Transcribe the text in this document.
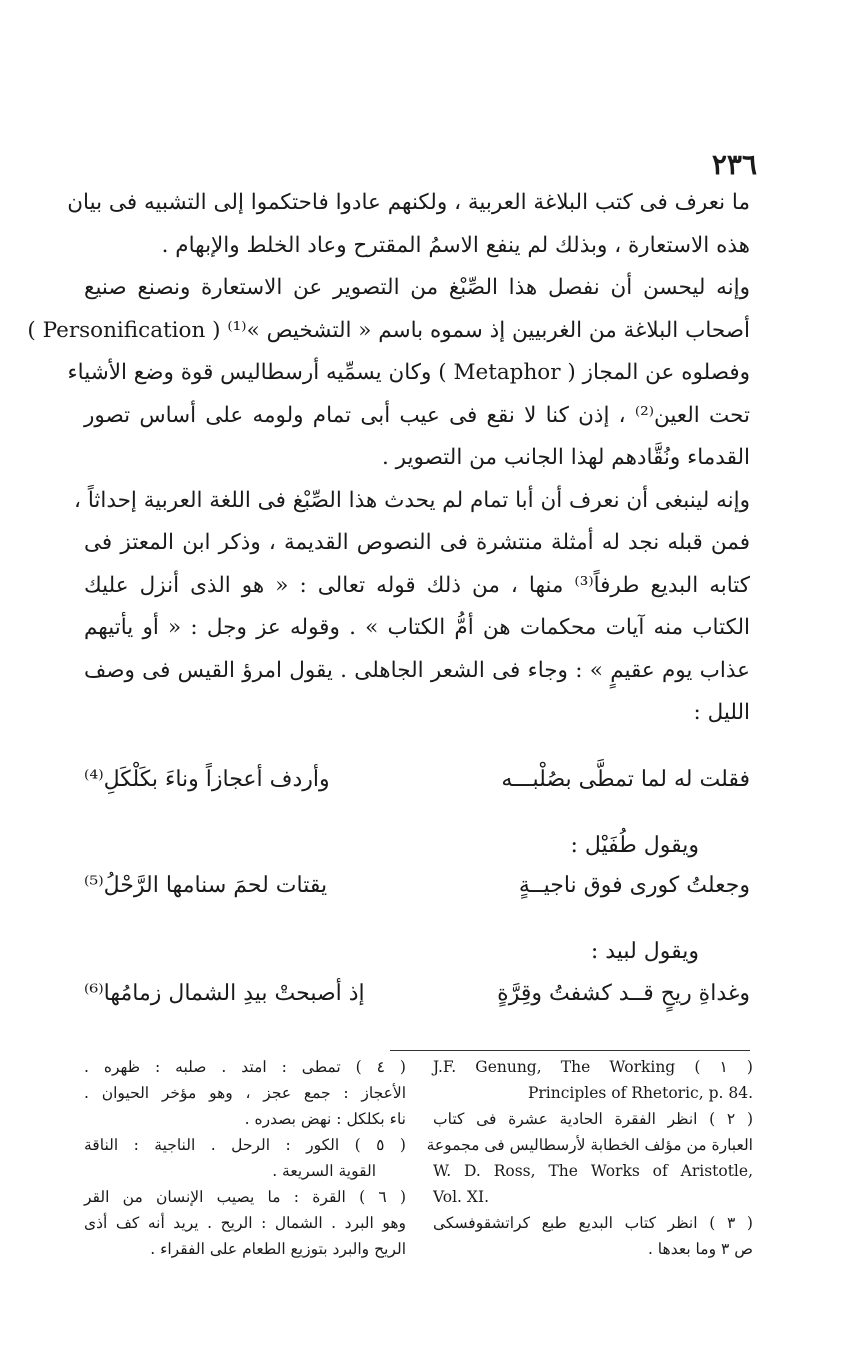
٢٣٦
ما نعرف فى كتب البلاغة العربية ، ولكنهم عادوا فاحتكموا إلى التشبيه فى بيان
هذه الاستعارة ، وبذلك لم ينفع الاسمُ المقترح وعاد الخلط والإبهام .
وإنه ليحسن أن نفصل هذا الصِّبْغ من التصوير عن الاستعارة ونصنع صنيع
أصحاب البلاغة من الغربيين إذ سموه باسم « التشخيص »⁽¹⁾ ( Personification )
وفصلوه عن المجاز ( Metaphor ) وكان يسمِّيه أرسطاليس قوة وضع الأشياء
تحت العين⁽²⁾ ، إذن كنا لا نقع فى عيب أبى تمام ولومه على أساس تصور
القدماء ونُقَّادهم لهذا الجانب من التصوير .
وإنه لينبغى أن نعرف أن أبا تمام لم يحدث هذا الصِّبْغ فى اللغة العربية إحداثاً ،
فمن قبله نجد له أمثلة منتشرة فى النصوص القديمة ، وذكر ابن المعتز فى
كتابه البديع طرفاً⁽³⁾ منها ، من ذلك قوله تعالى : « هو الذى أنزل عليك
الكتاب منه آيات محكمات هن أمُّ الكتاب » . وقوله عز وجل : « أو يأتيهم
عذاب يوم عقيمٍ » : وجاء فى الشعر الجاهلى . يقول امرؤ القيس فى وصف
الليل :
فقلت له لما تمطَّى بصُلْبـــه
وأردف أعجازاً وناءَ بكَلْكَلِ⁽⁴⁾
ويقول طُفَيْل :
وجعلتُ كورى فوق ناجيــةٍ
يقتات لحمَ سنامها الرَّحْلُ⁽⁵⁾
ويقول لبيد :
وغداةِ ريحٍ قــد كشفتُ وقِرَّةٍ
إذ أصبحتْ بيدِ الشمال زمامُها⁽⁶⁾
( ١ ) J.F. Genung, The Working
Principles of Rhetoric, p. 84.
( ٢ ) انظر الفقرة الحادية عشرة فى كتاب
العبارة من مؤلف الخطابة لأرسطاليس فى مجموعة
W. D. Ross, The Works of Aristotle,
Vol. XI.
( ٣ ) انظر كتاب البديع طبع كراتشقوفسكى
ص ٣ وما بعدها .
( ٤ ) تمطى : امتد . صلبه : ظهره .
الأعجاز : جمع عجز ، وهو مؤخر الحيوان .
ناء بكلكل : نهض بصدره .
( ٥ ) الكور : الرحل . الناجية : الناقة
القوية السريعة .
( ٦ ) القرة : ما يصيب الإنسان من القر
وهو البرد . الشمال : الريح . يريد أنه كف أذى
الريح والبرد بتوزيع الطعام على الفقراء .
